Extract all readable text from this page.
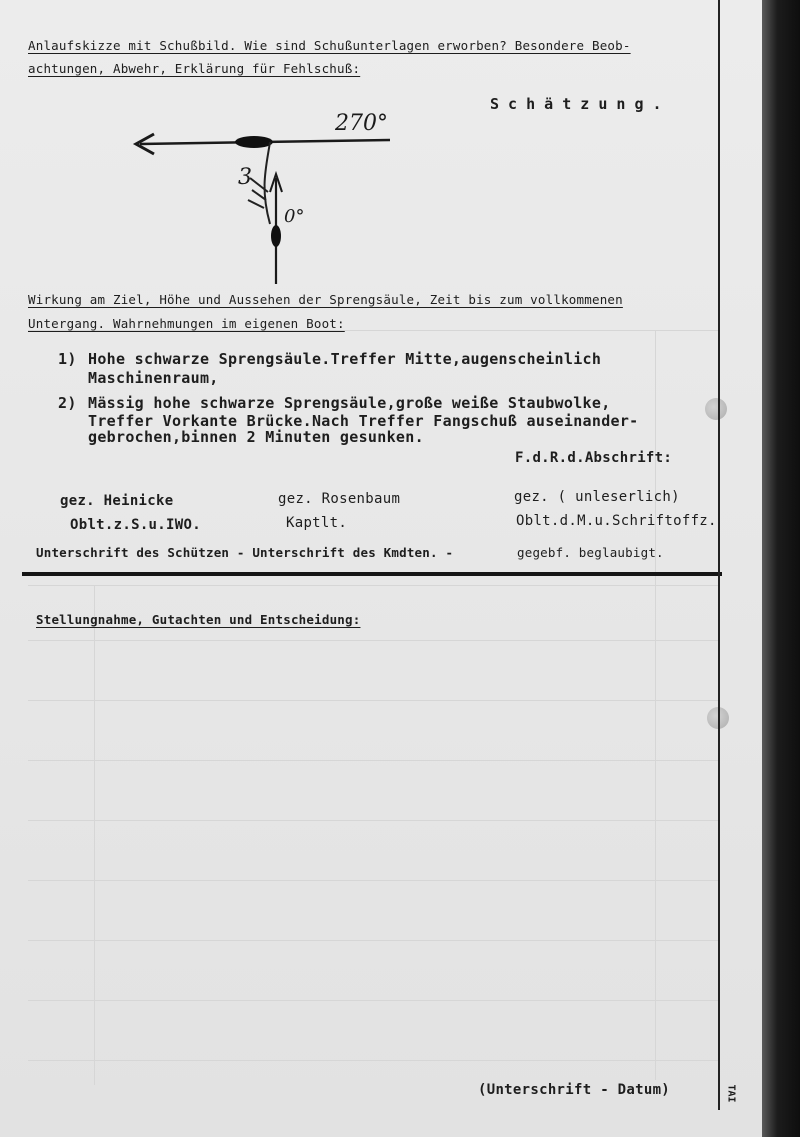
Anlaufskizze mit Schußbild. Wie sind Schußunterlagen erworben? Besondere Beob-
achtungen, Abwehr, Erklärung für Fehlschuß:
S c h ä t z u n g .
270°
0°
3
Wirkung am Ziel, Höhe und Aussehen der Sprengsäule, Zeit bis zum vollkommenen
Untergang. Wahrnehmungen im eigenen Boot:
1) Hohe schwarze Sprengsäule.Treffer Mitte,augenscheinlich
Maschinenraum,
2) Mässig hohe schwarze Sprengsäule,große weiße Staubwolke,
Treffer Vorkante Brücke.Nach Treffer Fangschuß auseinander-
gebrochen,binnen 2 Minuten gesunken.
F.d.R.d.Abschrift:
gez. Heinicke
Oblt.z.S.u.IWO.
gez. Rosenbaum
Kaptlt.
gez. ( unleserlich)
Oblt.d.M.u.Schriftoffz.
Unterschrift des Schützen - Unterschrift des Kmdten. -	gegebf. beglaubigt.
Stellungnahme, Gutachten und Entscheidung:
(Unterschrift - Datum)	TAI
